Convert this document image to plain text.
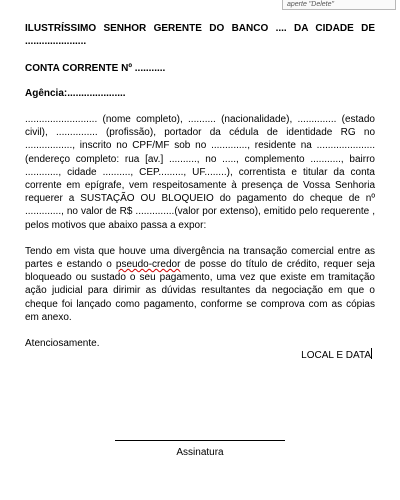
aperte "Delete"

ILUSTRÍSSIMO SENHOR GERENTE DO BANCO .... DA CIDADE DE

......................

CONTA CORRENTE Nº ...........

Agência:.....................

.......................... (nome completo), .......... (nacionalidade), .............. (estado civil), ............... (profissão), portador da cédula de identidade RG no ................., inscrito no CPF/MF sob no ............., residente na ..................... (endereço completo: rua [av.] .........., no ....., complemento ..........., bairro ............, cidade .........., CEP........., UF........), correntista e titular da conta corrente em epígrafe, vem respeitosamente à presença de Vossa Senhoria requerer a SUSTAÇÃO OU BLOQUEIO do pagamento do cheque de nº ............., no valor de R$ ..............(valor por extenso), emitido pelo requerente , pelos motivos que abaixo passa a expor:

Tendo em vista que houve uma divergência na transação comercial entre as partes e estando o pseudo-credor de posse do título de crédito, requer seja bloqueado ou sustado o seu pagamento, uma vez que existe em tramitação ação judicial para dirimir as dúvidas resultantes da negociação em que o cheque foi lançado como pagamento, conforme se comprova com as cópias em anexo.

Atenciosamente.

LOCAL E DATA
Assinatura
